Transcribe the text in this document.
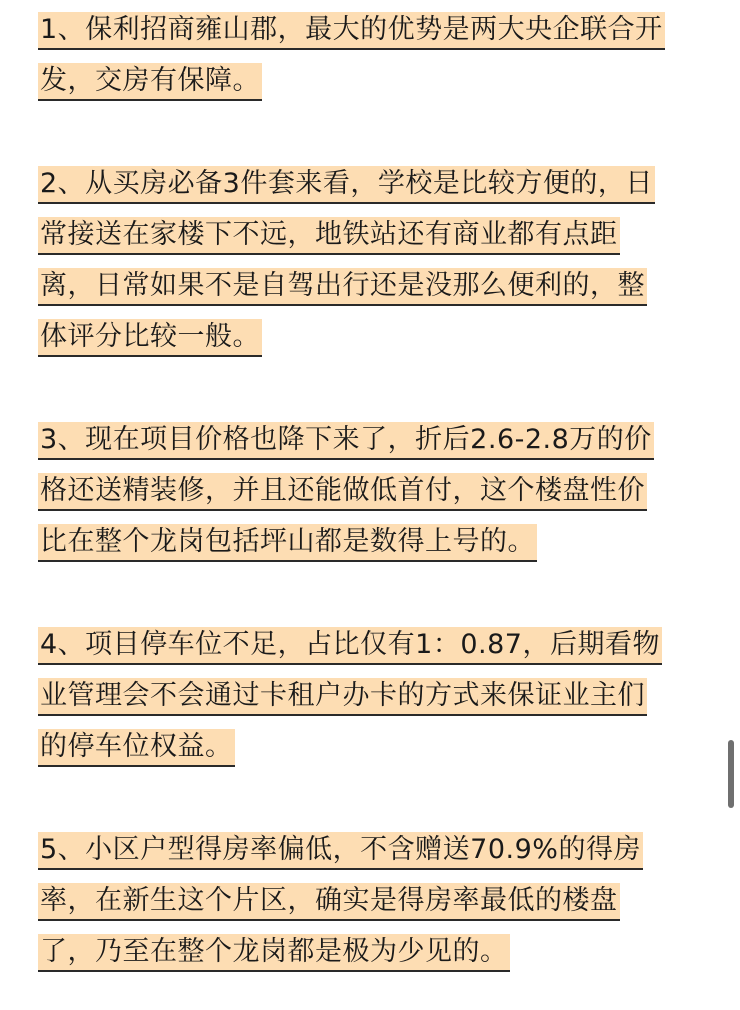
1、保利招商雍山郡，最大的优势是两大央企联合开
发，交房有保障。
2、从买房必备3件套来看，学校是比较方便的，日
常接送在家楼下不远，地铁站还有商业都有点距
离，日常如果不是自驾出行还是没那么便利的，整
体评分比较一般。
3、现在项目价格也降下来了，折后2.6-2.8万的价
格还送精装修，并且还能做低首付，这个楼盘性价
比在整个龙岗包括坪山都是数得上号的。
4、项目停车位不足，占比仅有1：0.87，后期看物
业管理会不会通过卡租户办卡的方式来保证业主们
的停车位权益。
5、小区户型得房率偏低，不含赠送70.9%的得房
率，在新生这个片区，确实是得房率最低的楼盘
了，乃至在整个龙岗都是极为少见的。
